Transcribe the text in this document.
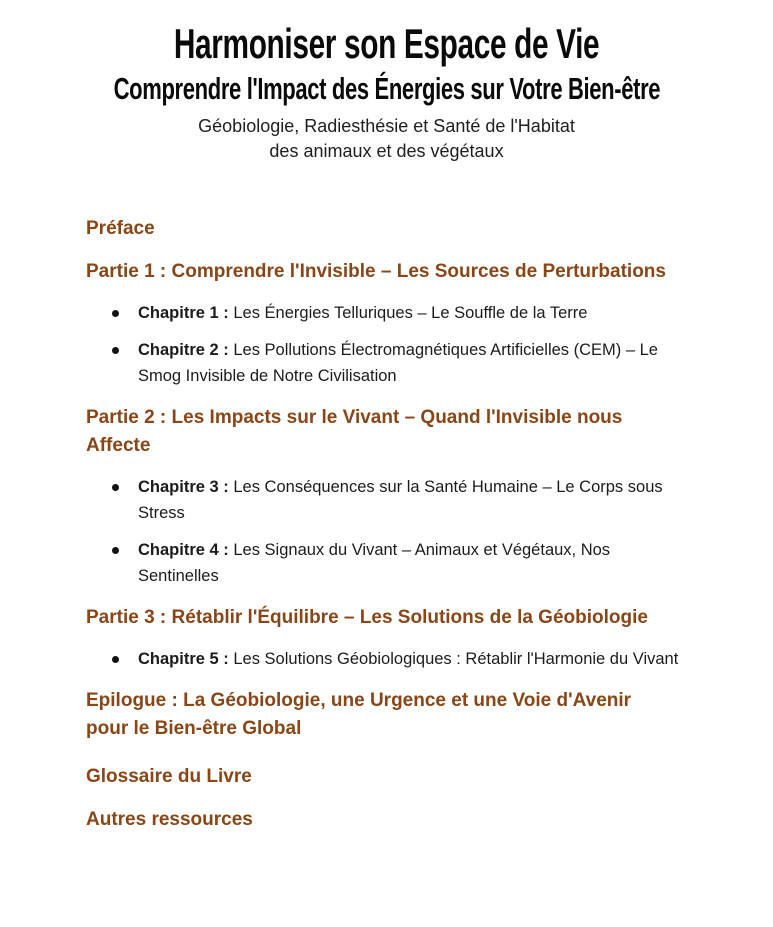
Harmoniser son Espace de Vie
Comprendre l'Impact des Énergies sur Votre Bien-être
Géobiologie, Radiesthésie et Santé de l'Habitat
des animaux et des végétaux
Préface
Partie 1 : Comprendre l'Invisible – Les Sources de Perturbations
Chapitre 1 : Les Énergies Telluriques – Le Souffle de la Terre
Chapitre 2 : Les Pollutions Électromagnétiques Artificielles (CEM) – Le Smog Invisible de Notre Civilisation
Partie 2 : Les Impacts sur le Vivant – Quand l'Invisible nous Affecte
Chapitre 3 : Les Conséquences sur la Santé Humaine – Le Corps sous Stress
Chapitre 4 : Les Signaux du Vivant – Animaux et Végétaux, Nos Sentinelles
Partie 3 : Rétablir l'Équilibre – Les Solutions de la Géobiologie
Chapitre 5 : Les Solutions Géobiologiques : Rétablir l'Harmonie du Vivant
Epilogue : La Géobiologie, une Urgence et une Voie d'Avenir pour le Bien-être Global
Glossaire du Livre
Autres ressources
